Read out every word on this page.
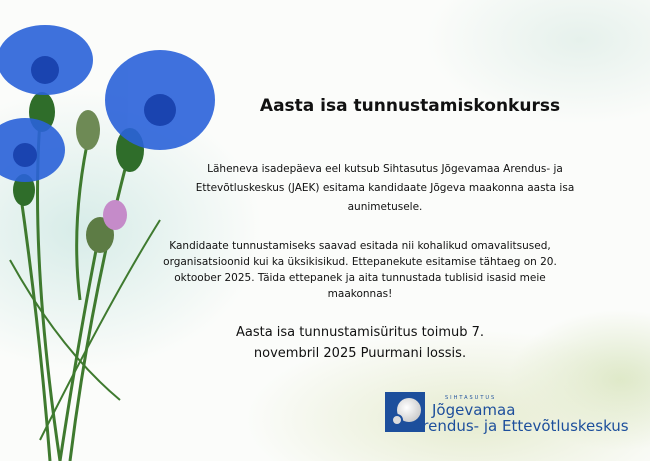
Aasta isa tunnustamiskonkurss
Läheneva isadepäeva eel kutsub Sihtasutus Jõgevamaa Arendus- ja Ettevõtluskeskus (JAEK) esitama kandidaate Jõgeva maakonna aasta isa aunimetusele.
Kandidaate tunnustamiseks saavad esitada nii kohalikud omavalitsused, organisatsioonid kui ka üksikisikud. Ettepanekute esitamise tähtaeg on 20. oktoober 2025. Täida ettepanek ja aita tunnustada tublisid isasid meie maakonnas!
Aasta isa tunnustamisüritus toimub 7. novembril 2025 Puurmani lossis.
SIHTASUTUS
Jõgevamaa
Arendus- ja Ettevõtluskeskus
